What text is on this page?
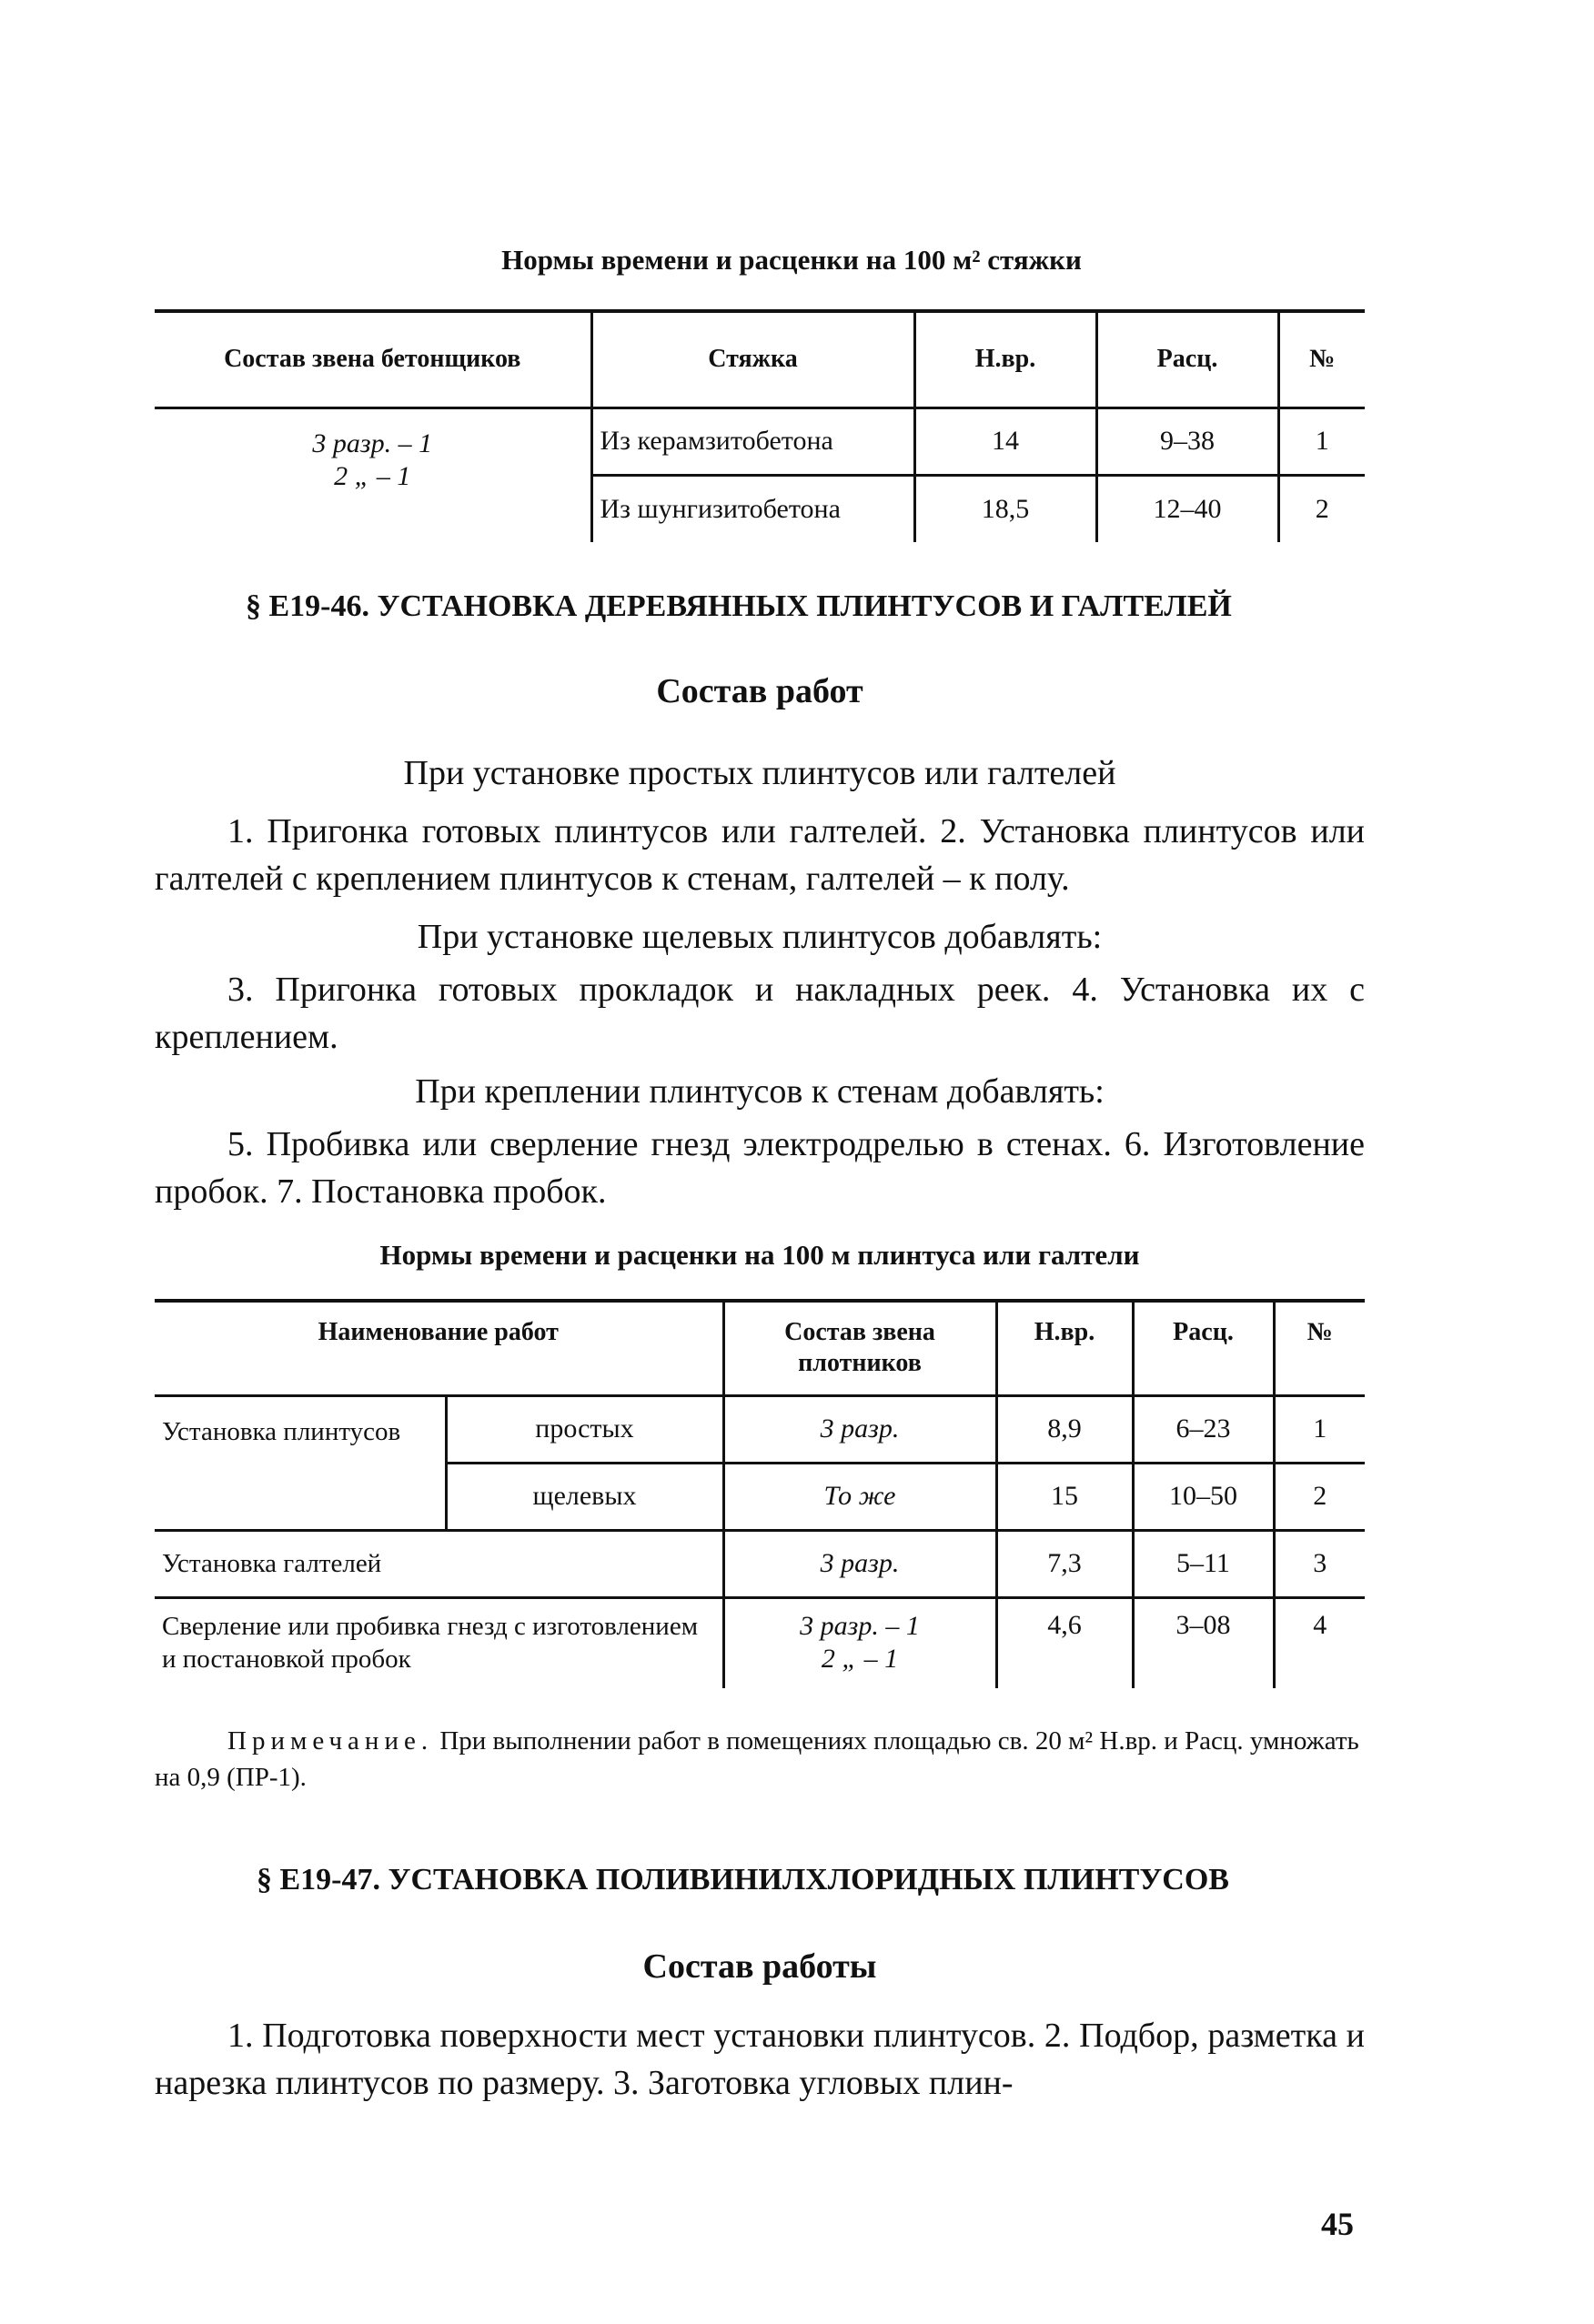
Нормы времени и расценки на 100 м² стяжки
Состав звена бетонщиков	Стяжка	Н.вр.	Расц.	№

3 разр. – 1
2 „ – 1	Из керамзитобетона	14	9–38	1
	Из шунгизитобетона	18,5	12–40	2
§ Е19-46. УСТАНОВКА ДЕРЕВЯННЫХ ПЛИНТУСОВ И ГАЛТЕЛЕЙ
Состав работ
При установке простых плинтусов или галтелей
1. Пригонка готовых плинтусов или галтелей. 2. Установка плинтусов или галтелей с креплением плинтусов к стенам, галтелей – к полу.
При установке щелевых плинтусов добавлять:
3. Пригонка готовых прокладок и накладных реек. 4. Установка их с креплением.
При креплении плинтусов к стенам добавлять:
5. Пробивка или сверление гнезд электродрелью в стенах. 6. Изготовление пробок. 7. Постановка пробок.
Нормы времени и расценки на 100 м плинтуса или галтели
Наименование работ		Состав звена плотников	Н.вр.	Расц.	№
Установка плинтусов	простых	3 разр.	8,9	6–23	1
	щелевых	То же	15	10–50	2
Установка галтелей		3 разр.	7,3	5–11	3
Сверление или пробивка гнезд с изготовлением и постановкой пробок		3 разр. – 1
2 „ – 1	4,6	3–08	4
Примечание. При выполнении работ в помещениях площадью св. 20 м² Н.вр. и Расц. умножать на 0,9 (ПР-1).
§ Е19-47. УСТАНОВКА ПОЛИВИНИЛХЛОРИДНЫХ ПЛИНТУСОВ
Состав работы
1. Подготовка поверхности мест установки плинтусов. 2. Подбор, разметка и нарезка плинтусов по размеру. 3. Заготовка угловых плин-
45
